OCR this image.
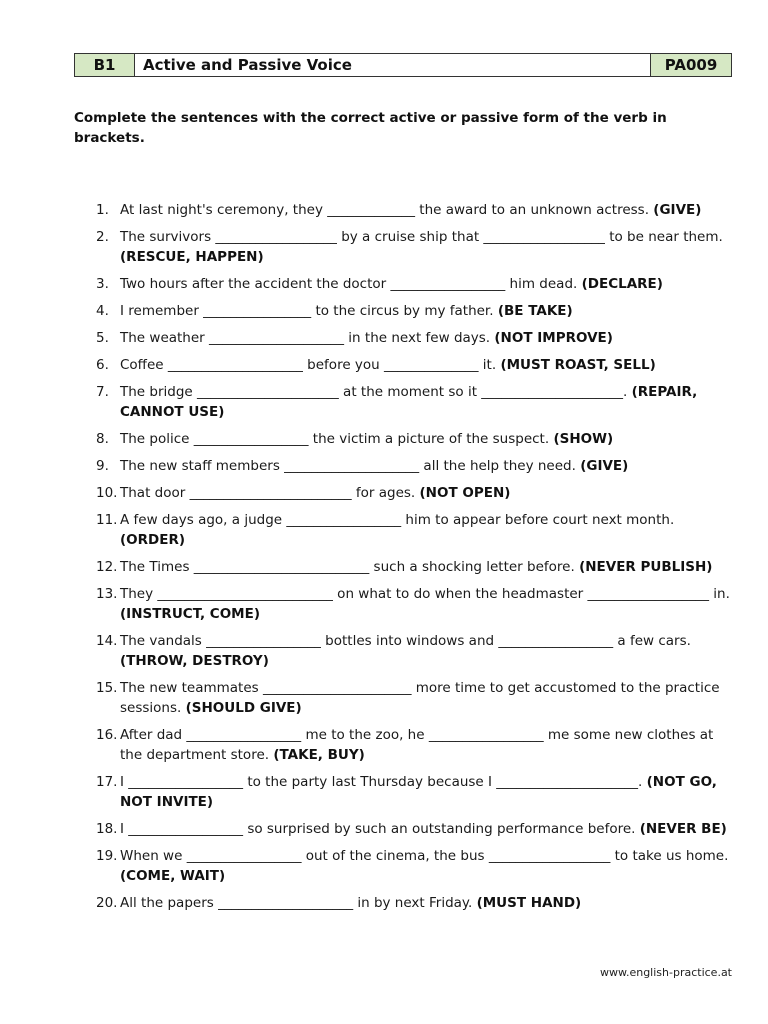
B1	Active and Passive Voice	PA009
Complete the sentences with the correct active or passive form of the verb in brackets.
1. At last night's ceremony, they _____________ the award to an unknown actress. (GIVE)
2. The survivors __________________ by a cruise ship that __________________ to be near them. (RESCUE, HAPPEN)
3. Two hours after the accident the doctor _________________ him dead. (DECLARE)
4. I remember ________________ to the circus by my father. (BE TAKE)
5. The weather ____________________ in the next few days. (NOT IMPROVE)
6. Coffee ____________________ before you ______________ it. (MUST ROAST, SELL)
7. The bridge _____________________ at the moment so it _____________________. (REPAIR, CANNOT USE)
8. The police _________________ the victim a picture of the suspect. (SHOW)
9. The new staff members ____________________ all the help they need. (GIVE)
10. That door ________________________ for ages. (NOT OPEN)
11. A few days ago, a judge _________________ him to appear before court next month. (ORDER)
12. The Times __________________________ such a shocking letter before. (NEVER PUBLISH)
13. They __________________________ on what to do when the headmaster __________________ in. (INSTRUCT, COME)
14. The vandals _________________ bottles into windows and _________________ a few cars. (THROW, DESTROY)
15. The new teammates ______________________ more time to get accustomed to the practice sessions. (SHOULD GIVE)
16. After dad _________________ me to the zoo, he _________________ me some new clothes at the department store. (TAKE, BUY)
17. I _________________ to the party last Thursday because I _____________________. (NOT GO, NOT INVITE)
18. I _________________ so surprised by such an outstanding performance before. (NEVER BE)
19. When we _________________ out of the cinema, the bus __________________ to take us home. (COME, WAIT)
20. All the papers ____________________ in by next Friday. (MUST HAND)
www.english-practice.at
